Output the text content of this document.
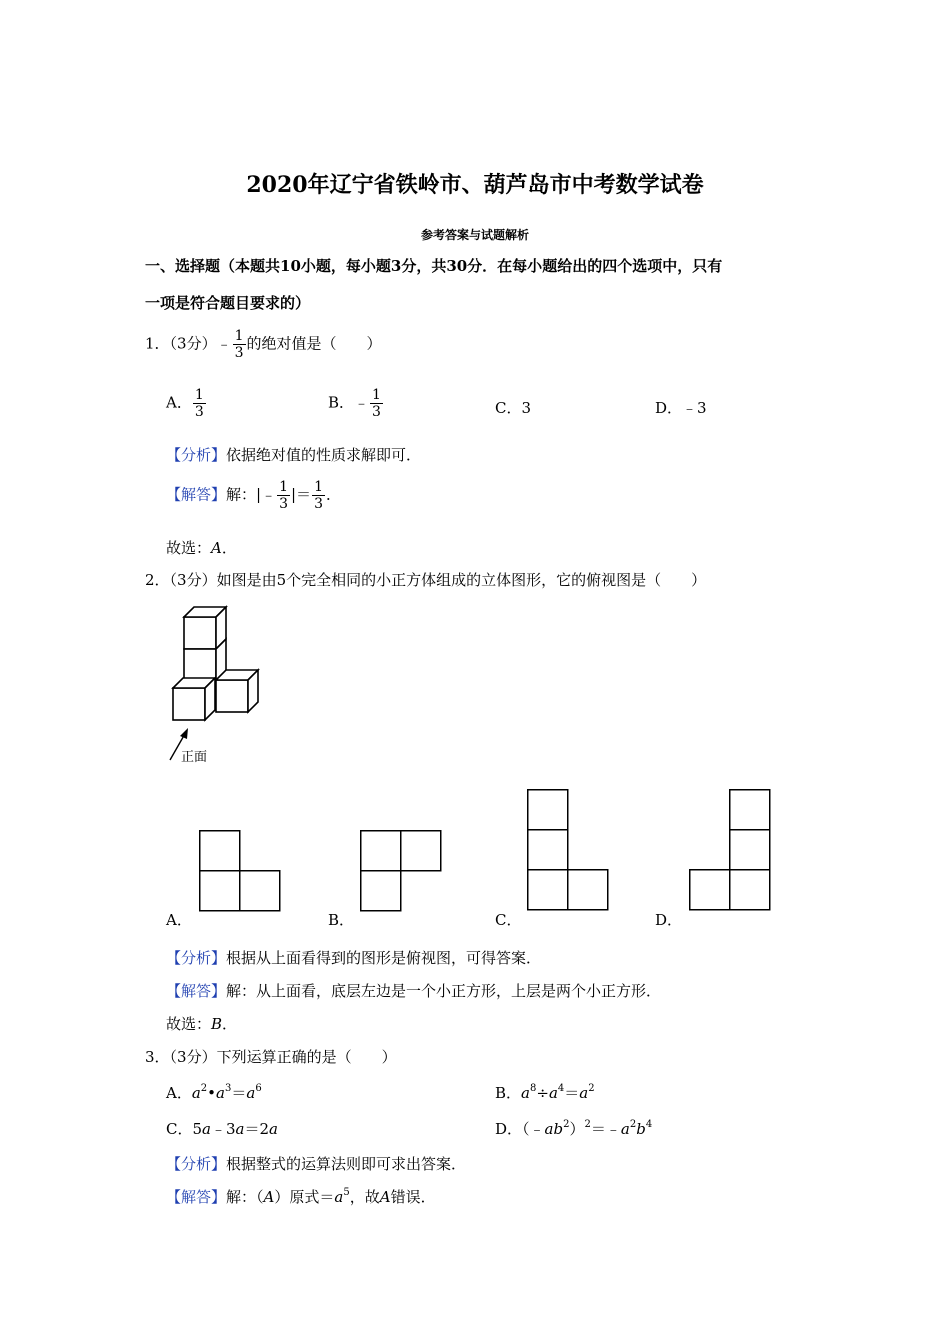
2020年辽宁省铁岭市、葫芦岛市中考数学试卷
参考答案与试题解析
一、选择题（本题共10小题，每小题3分，共30分．在每小题给出的四个选项中，只有
一项是符合题目要求的）
1．（3分）﹣ $\frac{1}{3}$ 的绝对值是（　　）
A． $\frac{1}{3}$	B．﹣ $\frac{1}{3}$	C．3	D．﹣3
【分析】依据绝对值的性质求解即可．
【解答】解：|﹣ $\frac{1}{3}$ |＝ $\frac{1}{3}$ ．
故选：A．
2．（3分）如图是由5个完全相同的小正方体组成的立体图形，它的俯视图是（　　）
正面
A．	B．	C．	D．
【分析】根据从上面看得到的图形是俯视图，可得答案．
【解答】解：从上面看，底层左边是一个小正方形，上层是两个小正方形．
故选：B．
3．（3分）下列运算正确的是（　　）
A．$a^2•a^3=a^6$	B．$a^8\div a^4=a^2$
C．5a﹣3a＝2a	D．$(﹣ab^2)^2=﹣a^2b^4$
【分析】根据整式的运算法则即可求出答案．
【解答】解：（A）原式$=a^5$，故A错误．
